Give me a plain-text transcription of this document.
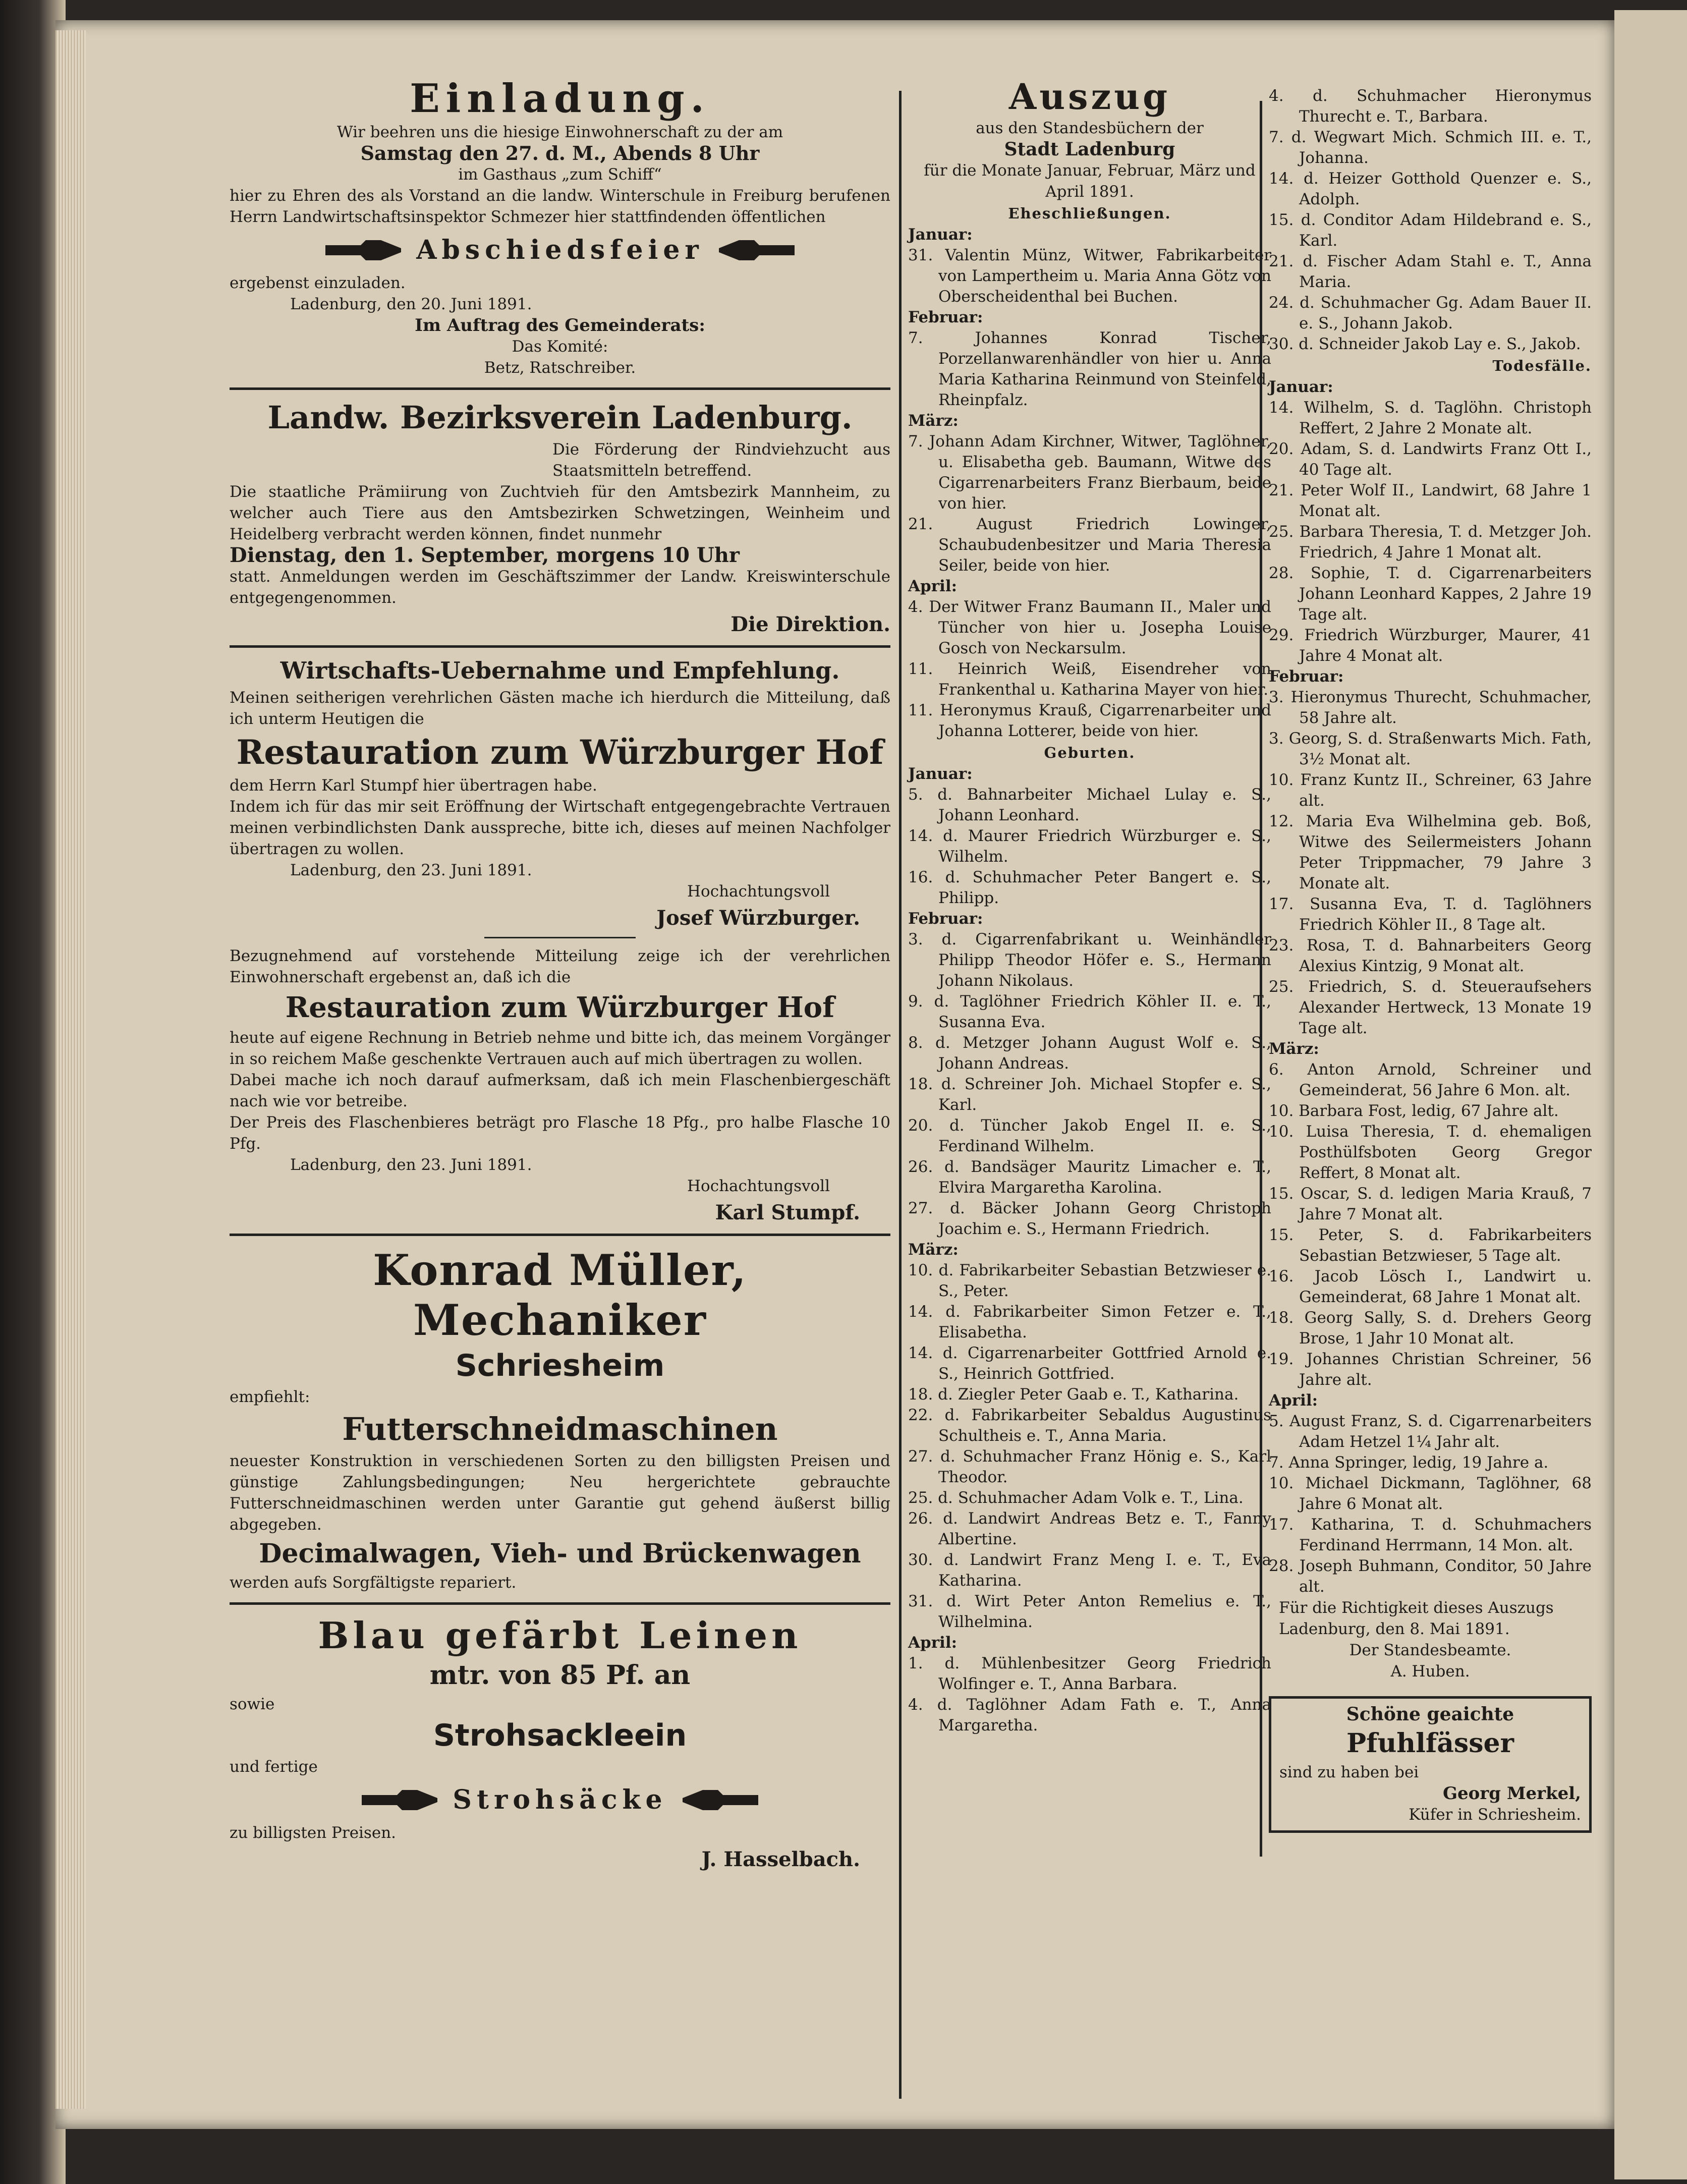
Einladung.

Wir beehren uns die hiesige Einwohnerschaft zu der am

Samstag den 27. d. M., Abends 8 Uhr

im Gasthaus „zum Schiff“

hier zu Ehren des als Vorstand an die landw. Winterschule in Freiburg berufenen Herrn Landwirtschaftsinspektor Schmezer hier stattfindenden öffentlichen

Abschiedsfeier

ergebenst einzuladen.

Ladenburg, den 20. Juni 1891.

Im Auftrag des Gemeinderats:

Das Komité:

Betz, Ratschreiber.

Landw. Bezirksverein Ladenburg.

Die Förderung der Rindviehzucht aus Staatsmitteln betreffend.

Die staatliche Prämiirung von Zuchtvieh für den Amtsbezirk Mannheim, zu welcher auch Tiere aus den Amtsbezirken Schwetzingen, Weinheim und Heidelberg verbracht werden können, findet nunmehr

Dienstag, den 1. September, morgens 10 Uhr

statt. Anmeldungen werden im Geschäftszimmer der Landw. Kreiswinterschule entgegengenommen.

Die Direktion.

Wirtschafts-Uebernahme und Empfehlung.

Meinen seitherigen verehrlichen Gästen mache ich hierdurch die Mitteilung, daß ich unterm Heutigen die

Restauration zum Würzburger Hof

dem Herrn Karl Stumpf hier übertragen habe.

Indem ich für das mir seit Eröffnung der Wirtschaft entgegengebrachte Vertrauen meinen verbindlichsten Dank ausspreche, bitte ich, dieses auf meinen Nachfolger übertragen zu wollen.

Ladenburg, den 23. Juni 1891.

Hochachtungsvoll

Josef Würzburger.

Bezugnehmend auf vorstehende Mitteilung zeige ich der verehrlichen Einwohnerschaft ergebenst an, daß ich die

Restauration zum Würzburger Hof

heute auf eigene Rechnung in Betrieb nehme und bitte ich, das meinem Vorgänger in so reichem Maße geschenkte Vertrauen auch auf mich übertragen zu wollen.

Dabei mache ich noch darauf aufmerksam, daß ich mein Flaschenbiergeschäft nach wie vor betreibe.

Der Preis des Flaschenbieres beträgt pro Flasche 18 Pfg., pro halbe Flasche 10 Pfg.

Ladenburg, den 23. Juni 1891.

Hochachtungsvoll

Karl Stumpf.

Konrad Müller, Mechaniker

Schriesheim

empfiehlt:

Futterschneidmaschinen

neuester Konstruktion in verschiedenen Sorten zu den billigsten Preisen und günstige Zahlungsbedingungen; Neu hergerichtete gebrauchte Futterschneidmaschinen werden unter Garantie gut gehend äußerst billig abgegeben.

Decimalwagen, Vieh- und Brückenwagen

werden aufs Sorgfältigste repariert.

Blau gefärbt Leinen

mtr. von 85 Pf. an

sowie

Strohsackleein

und fertige

Strohsäcke

zu billigsten Preisen.

J. Hasselbach.

Auszug

aus den Standesbüchern der

Stadt Ladenburg

für die Monate Januar, Februar, März und April 1891.

Eheschließungen.

Januar:

31. Valentin Münz, Witwer, Fabrikarbeiter von Lampertheim u. Maria Anna Götz von Oberscheidenthal bei Buchen.

Februar:

7. Johannes Konrad Tischer, Porzellanwarenhändler von hier u. Anna Maria Katharina Reinmund von Steinfeld, Rheinpfalz.

März:

7. Johann Adam Kirchner, Witwer, Taglöhner, u. Elisabetha geb. Baumann, Witwe des Cigarrenarbeiters Franz Bierbaum, beide von hier.

21. August Friedrich Lowinger, Schaubudenbesitzer und Maria Theresia Seiler, beide von hier.

April:

4. Der Witwer Franz Baumann II., Maler und Tüncher von hier u. Josepha Louise Gosch von Neckarsulm.

11. Heinrich Weiß, Eisendreher von Frankenthal u. Katharina Mayer von hier.

11. Heronymus Krauß, Cigarrenarbeiter und Johanna Lotterer, beide von hier.

Geburten.

Januar:

5. d. Bahnarbeiter Michael Lulay e. S., Johann Leonhard.

14. d. Maurer Friedrich Würzburger e. S., Wilhelm.

16. d. Schuhmacher Peter Bangert e. S., Philipp.

Februar:

3. d. Cigarrenfabrikant u. Weinhändler Philipp Theodor Höfer e. S., Hermann Johann Nikolaus.

9. d. Taglöhner Friedrich Köhler II. e. T., Susanna Eva.

8. d. Metzger Johann August Wolf e. S., Johann Andreas.

18. d. Schreiner Joh. Michael Stopfer e. S., Karl.

20. d. Tüncher Jakob Engel II. e. S., Ferdinand Wilhelm.

26. d. Bandsäger Mauritz Limacher e. T., Elvira Margaretha Karolina.

27. d. Bäcker Johann Georg Christoph Joachim e. S., Hermann Friedrich.

März:

10. d. Fabrikarbeiter Sebastian Betzwieser e. S., Peter.

14. d. Fabrikarbeiter Simon Fetzer e. T., Elisabetha.

14. d. Cigarrenarbeiter Gottfried Arnold e. S., Heinrich Gottfried.

18. d. Ziegler Peter Gaab e. T., Katharina.

22. d. Fabrikarbeiter Sebaldus Augustinus Schultheis e. T., Anna Maria.

27. d. Schuhmacher Franz Hönig e. S., Karl Theodor.

25. d. Schuhmacher Adam Volk e. T., Lina.

26. d. Landwirt Andreas Betz e. T., Fanny Albertine.

30. d. Landwirt Franz Meng I. e. T., Eva Katharina.

31. d. Wirt Peter Anton Remelius e. T., Wilhelmina.

April:

1. d. Mühlenbesitzer Georg Friedrich Wolfinger e. T., Anna Barbara.

4. d. Taglöhner Adam Fath e. T., Anna Margaretha.

4. d. Schuhmacher Hieronymus Thurecht e. T., Barbara.

7. d. Wegwart Mich. Schmich III. e. T., Johanna.

14. d. Heizer Gotthold Quenzer e. S., Adolph.

15. d. Conditor Adam Hildebrand e. S., Karl.

21. d. Fischer Adam Stahl e. T., Anna Maria.

24. d. Schuhmacher Gg. Adam Bauer II. e. S., Johann Jakob.

30. d. Schneider Jakob Lay e. S., Jakob.

Todesfälle.

Januar:

14. Wilhelm, S. d. Taglöhn. Christoph Reffert, 2 Jahre 2 Monate alt.

20. Adam, S. d. Landwirts Franz Ott I., 40 Tage alt.

21. Peter Wolf II., Landwirt, 68 Jahre 1 Monat alt.

25. Barbara Theresia, T. d. Metzger Joh. Friedrich, 4 Jahre 1 Monat alt.

28. Sophie, T. d. Cigarrenarbeiters Johann Leonhard Kappes, 2 Jahre 19 Tage alt.

29. Friedrich Würzburger, Maurer, 41 Jahre 4 Monat alt.

Februar:

3. Hieronymus Thurecht, Schuhmacher, 58 Jahre alt.

3. Georg, S. d. Straßenwarts Mich. Fath, 3½ Monat alt.

10. Franz Kuntz II., Schreiner, 63 Jahre alt.

12. Maria Eva Wilhelmina geb. Boß, Witwe des Seilermeisters Johann Peter Trippmacher, 79 Jahre 3 Monate alt.

17. Susanna Eva, T. d. Taglöhners Friedrich Köhler II., 8 Tage alt.

23. Rosa, T. d. Bahnarbeiters Georg Alexius Kintzig, 9 Monat alt.

25. Friedrich, S. d. Steueraufsehers Alexander Hertweck, 13 Monate 19 Tage alt.

März:

6. Anton Arnold, Schreiner und Gemeinderat, 56 Jahre 6 Mon. alt.

10. Barbara Fost, ledig, 67 Jahre alt.

10. Luisa Theresia, T. d. ehemaligen Posthülfsboten Georg Gregor Reffert, 8 Monat alt.

15. Oscar, S. d. ledigen Maria Krauß, 7 Jahre 7 Monat alt.

15. Peter, S. d. Fabrikarbeiters Sebastian Betzwieser, 5 Tage alt.

16. Jacob Lösch I., Landwirt u. Gemeinderat, 68 Jahre 1 Monat alt.

18. Georg Sally, S. d. Drehers Georg Brose, 1 Jahr 10 Monat alt.

19. Johannes Christian Schreiner, 56 Jahre alt.

April:

5. August Franz, S. d. Cigarrenarbeiters Adam Hetzel 1¼ Jahr alt.

7. Anna Springer, ledig, 19 Jahre a.

10. Michael Dickmann, Taglöhner, 68 Jahre 6 Monat alt.

17. Katharina, T. d. Schuhmachers Ferdinand Herrmann, 14 Mon. alt.

28. Joseph Buhmann, Conditor, 50 Jahre alt.

Für die Richtigkeit dieses Auszugs

Ladenburg, den 8. Mai 1891.

Der Standesbeamte.

A. Huben.

Schöne geaichte

Pfuhlfässer

sind zu haben bei

Georg Merkel,

Küfer in Schriesheim.
